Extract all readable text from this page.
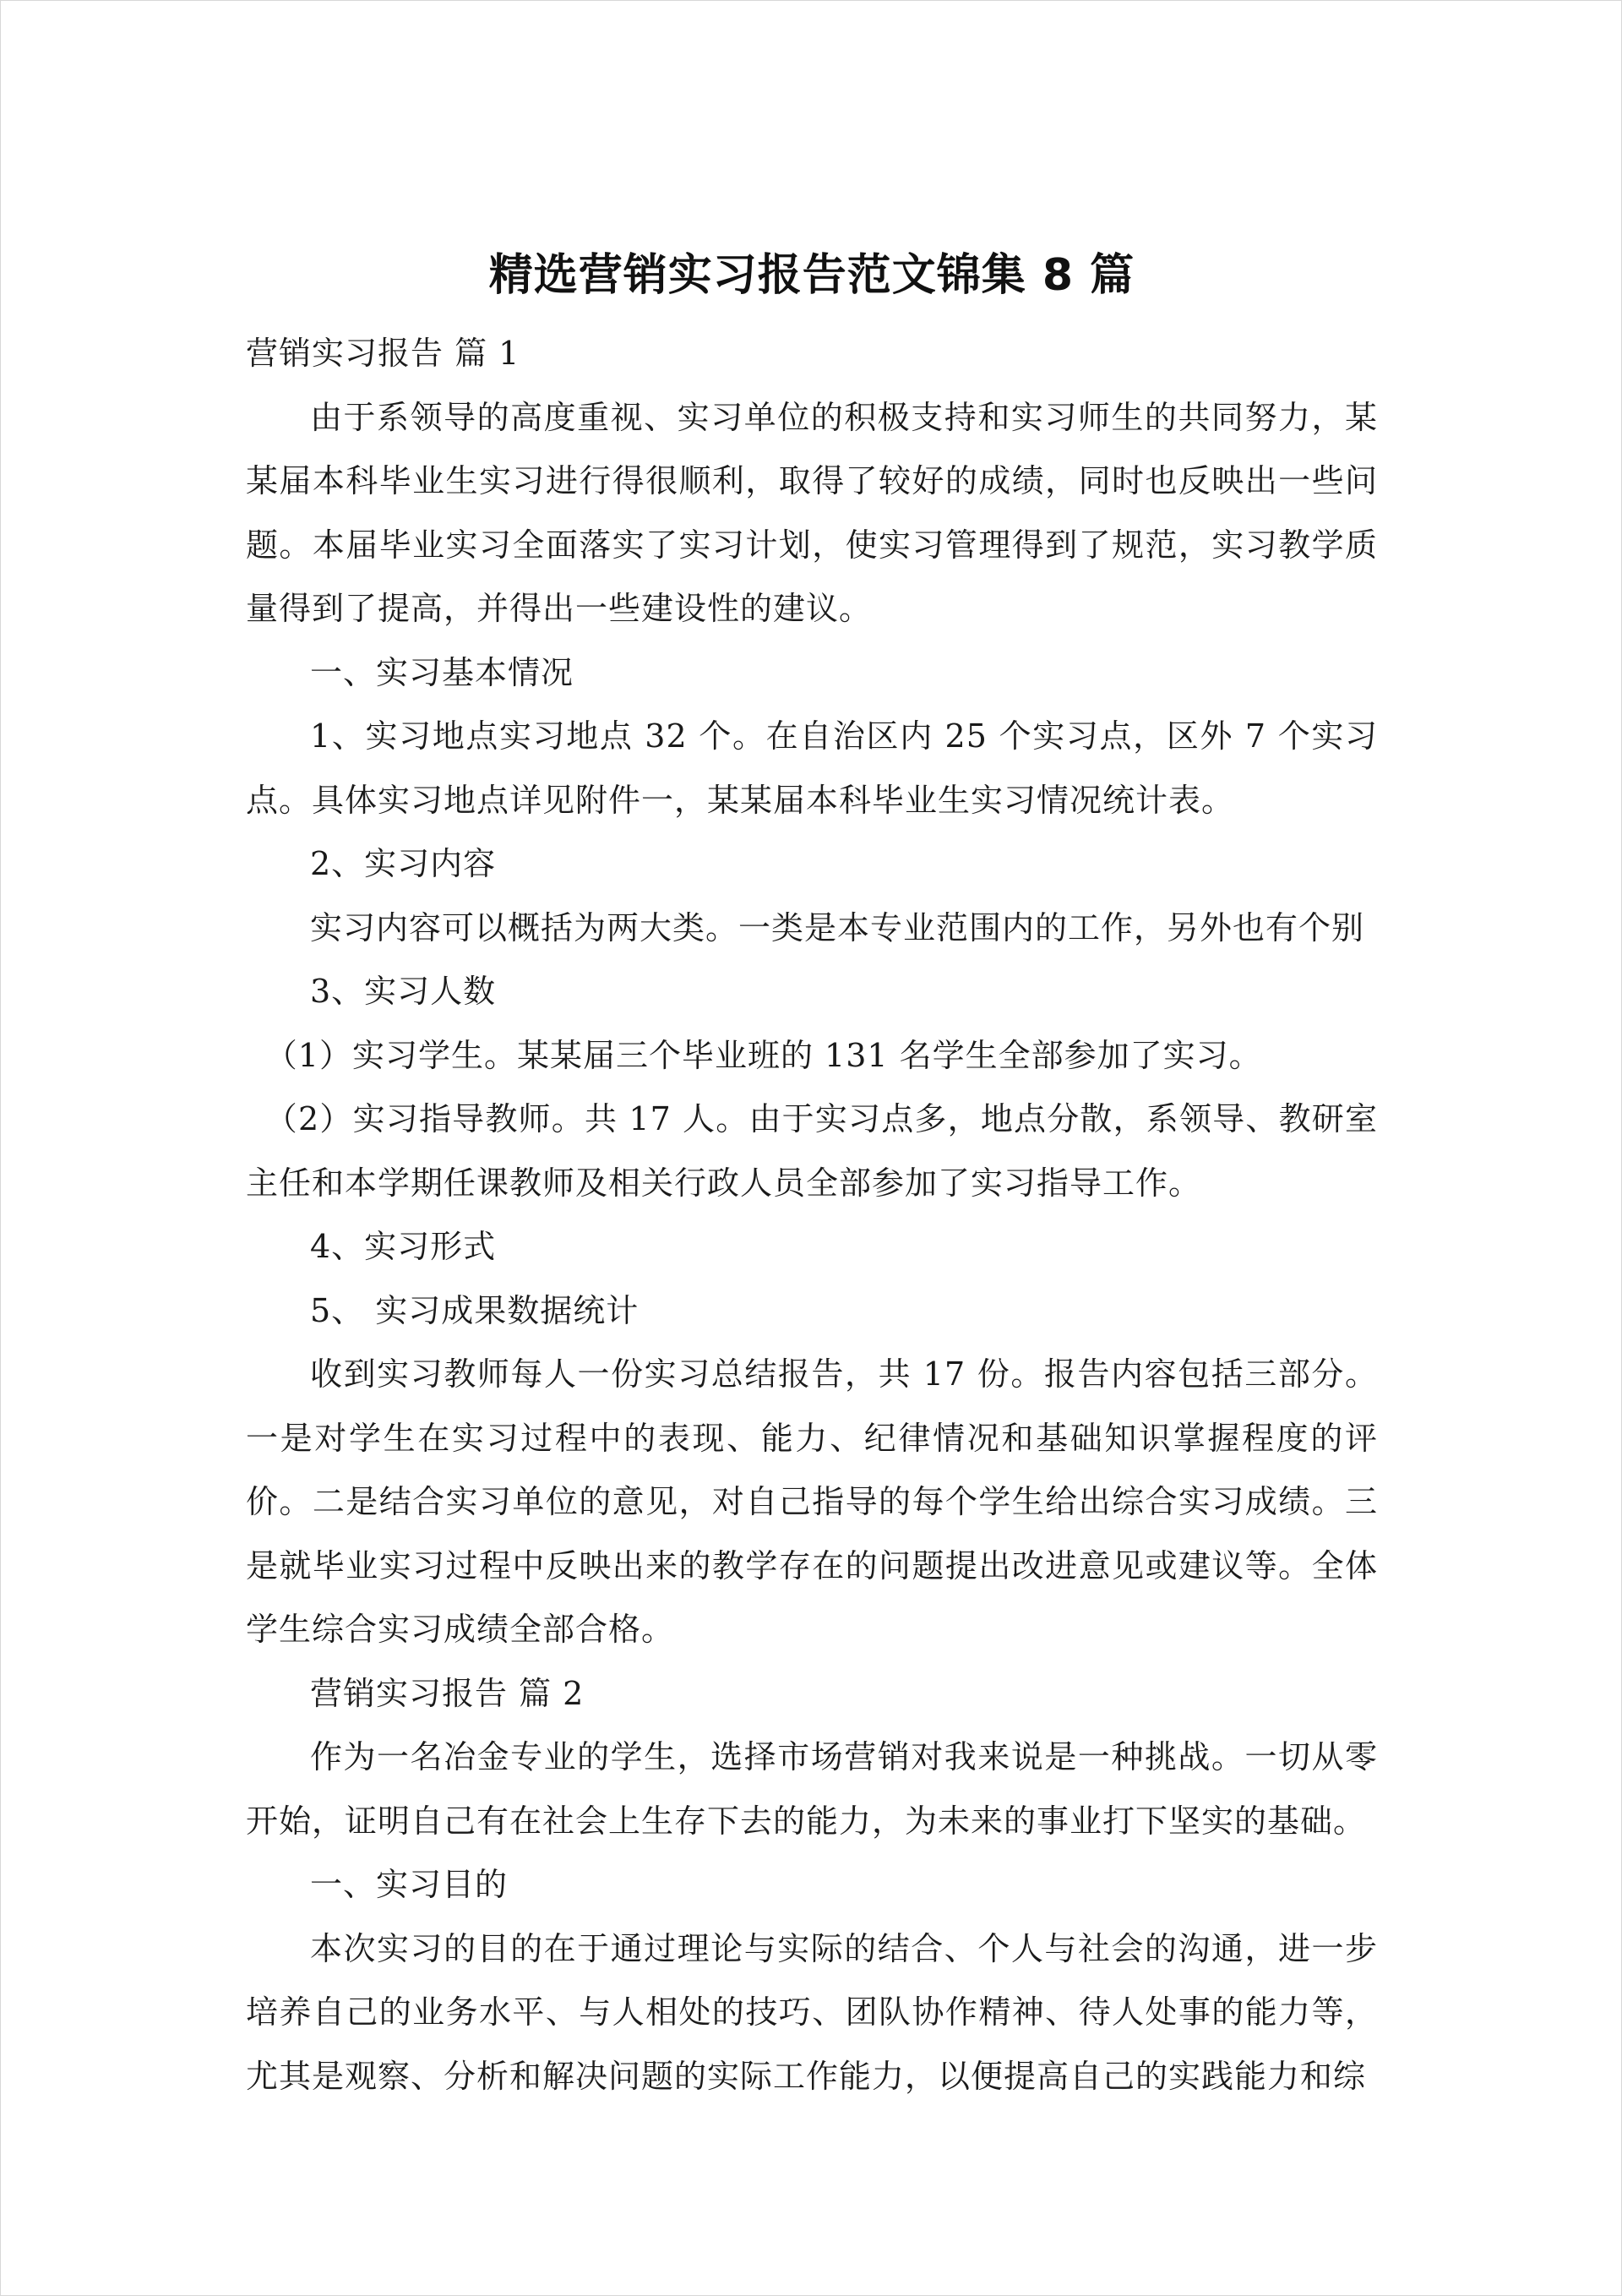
精选营销实习报告范文锦集 8 篇

营销实习报告 篇 1

由于系领导的高度重视、实习单位的积极支持和实习师生的共同努力，某某届本科毕业生实习进行得很顺利，取得了较好的成绩，同时也反映出一些问题。本届毕业实习全面落实了实习计划，使实习管理得到了规范，实习教学质量得到了提高，并得出一些建设性的建议。

一、实习基本情况

1、实习地点实习地点 32 个。在自治区内 25 个实习点，区外 7 个实习点。具体实习地点详见附件一，某某届本科毕业生实习情况统计表。

2、实习内容

实习内容可以概括为两大类。一类是本专业范围内的工作，另外也有个别

3、实习人数

（1）实习学生。某某届三个毕业班的 131 名学生全部参加了实习。

（2）实习指导教师。共 17 人。由于实习点多，地点分散，系领导、教研室主任和本学期任课教师及相关行政人员全部参加了实习指导工作。

4、实习形式

5、 实习成果数据统计

收到实习教师每人一份实习总结报告，共 17 份。报告内容包括三部分。一是对学生在实习过程中的表现、能力、纪律情况和基础知识掌握程度的评价。二是结合实习单位的意见，对自己指导的每个学生给出综合实习成绩。三是就毕业实习过程中反映出来的教学存在的问题提出改进意见或建议等。全体学生综合实习成绩全部合格。

营销实习报告 篇 2

作为一名冶金专业的学生，选择市场营销对我来说是一种挑战。一切从零开始，证明自己有在社会上生存下去的能力，为未来的事业打下坚实的基础。

一、实习目的

本次实习的目的在于通过理论与实际的结合、个人与社会的沟通，进一步培养自己的业务水平、与人相处的技巧、团队协作精神、待人处事的能力等，尤其是观察、分析和解决问题的实际工作能力，以便提高自己的实践能力和综
